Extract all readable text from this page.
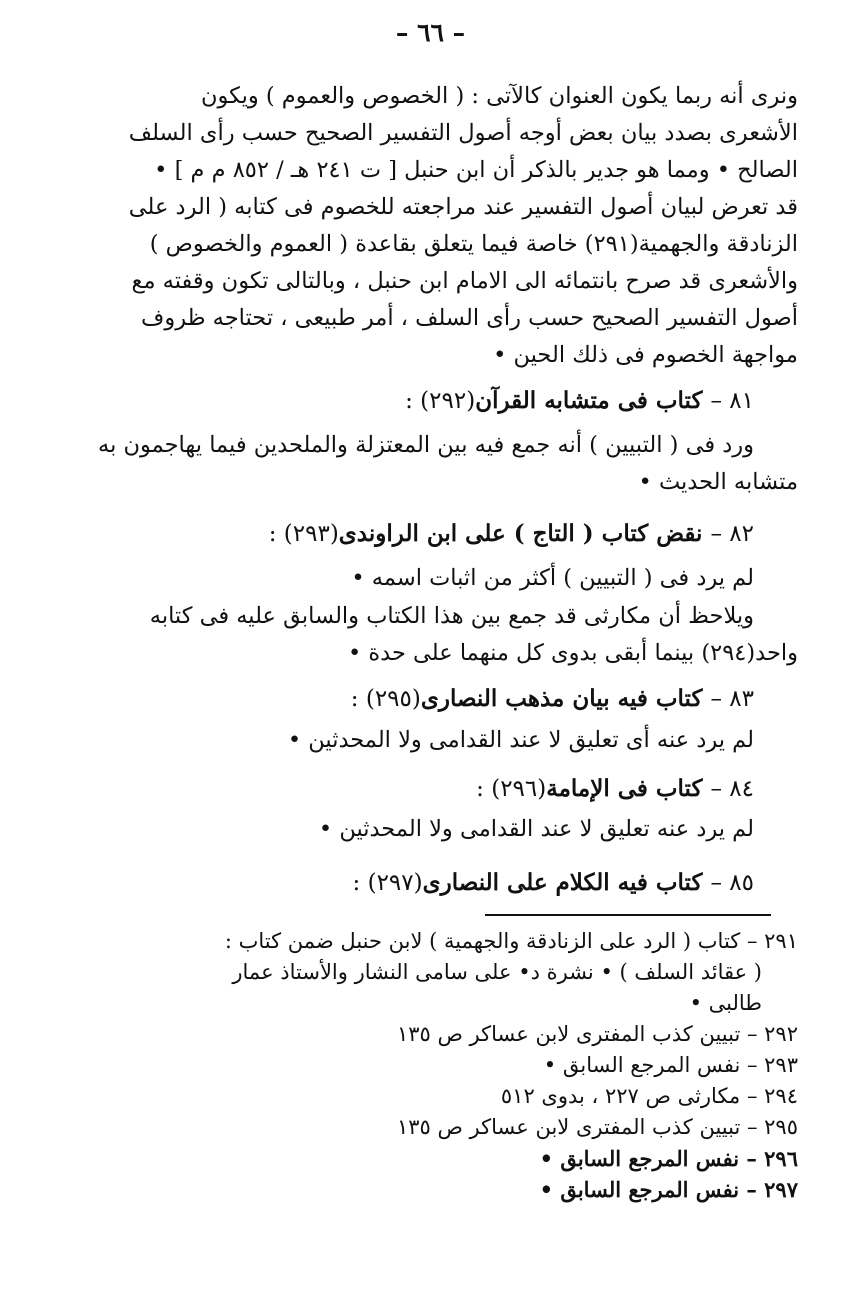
– ٦٦ –

ونرى أنه ربما يكون العنوان كالآتى : ( الخصوص والعموم ) ويكون

الأشعرى بصدد بيان بعض أوجه أصول التفسير الصحيح حسب رأى السلف

الصالح • ومما هو جدير بالذكر أن ابن حنبل [ ت ٢٤١ هـ / ٨٥٢ م م ] •

قد تعرض لبيان أصول التفسير عند مراجعته للخصوم فى كتابه ( الرد على

الزنادقة والجهمية(٢٩١) خاصة فيما يتعلق بقاعدة ( العموم والخصوص )

والأشعرى قد صرح بانتمائه الى الامام ابن حنبل ، وبالتالى تكون وقفته مع

أصول التفسير الصحيح حسب رأى السلف ، أمر طبيعى ، تحتاجه ظروف

مواجهة الخصوم فى ذلك الحين •

٨١ – كتاب فى متشابه القرآن(٢٩٢) :

ورد فى ( التبيين ) أنه جمع فيه بين المعتزلة والملحدين فيما يهاجمون به

متشابه الحديث •

٨٢ – نقض كتاب ( التاج ) على ابن الراوندى(٢٩٣) :

لم يرد فى ( التبيين ) أكثر من اثبات اسمه •

ويلاحظ أن مكارثى قد جمع بين هذا الكتاب والسابق عليه فى كتابه

واحد(٢٩٤) بينما أبقى بدوى كل منهما على حدة •

٨٣ – كتاب فيه بيان مذهب النصارى(٢٩٥) :

لم يرد عنه أى تعليق لا عند القدامى ولا المحدثين •

٨٤ – كتاب فى الإمامة(٢٩٦) :

لم يرد عنه تعليق لا عند القدامى ولا المحدثين •

٨٥ – كتاب فيه الكلام على النصارى(٢٩٧) :

٢٩١ – كتاب ( الرد على الزنادقة والجهمية ) لابن حنبل ضمن كتاب :

( عقائد السلف ) • نشرة د• على سامى النشار والأستاذ عمار

طالبى •

٢٩٢ – تبيين كذب المفترى لابن عساكر ص ١٣٥

٢٩٣ – نفس المرجع السابق •

٢٩٤ – مكارثى ص ٢٢٧ ، بدوى ٥١٢

٢٩٥ – تبيين كذب المفترى لابن عساكر ص ١٣٥

٢٩٦ – نفس المرجع السابق •

٢٩٧ – نفس المرجع السابق •
